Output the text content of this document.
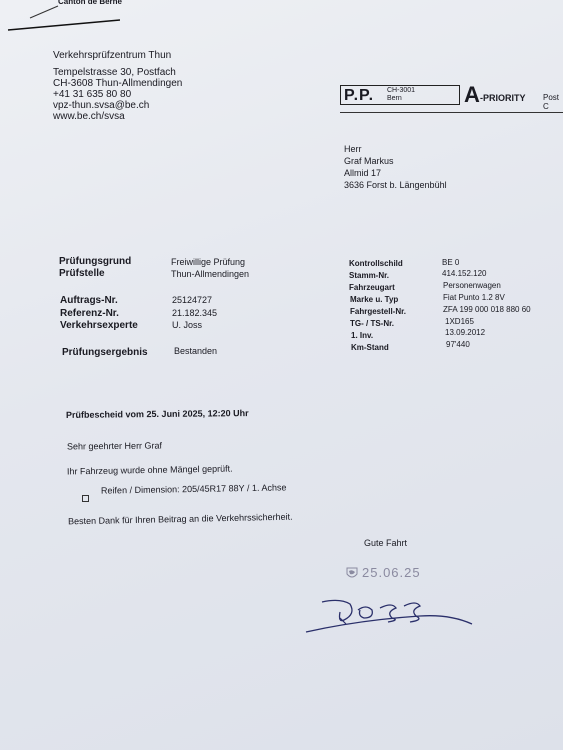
Canton de Berne
Verkehrsprüfzentrum Thun
Tempelstrasse 30, Postfach
CH-3608 Thun-Allmendingen
+41 31 635 80 80
vpz-thun.svsa@be.ch
www.be.ch/svsa
P.P. CH-3001
Bern	A -PRIORITY Post C
Herr
Graf Markus
Allmid 17
3636 Forst b. Längenbühl
Prüfungsgrund	Freiwillige Prüfung
Prüfstelle	Thun-Allmendingen
Auftrags-Nr.	25124727
Referenz-Nr.	21.182.345
Verkehrsexperte	U. Joss
Prüfungsergebnis	Bestanden
Kontrollschild	BE 0
Stamm-Nr.	414.152.120
Fahrzeugart	Personenwagen
Marke u. Typ	Fiat Punto 1.2 8V
Fahrgestell-Nr.	ZFA 199 000 018 880 60
TG- / TS-Nr.	1XD165
1. Inv.	13.09.2012
Km-Stand	97'440
Prüfbescheid vom 25. Juni 2025, 12:20 Uhr
Sehr geehrter Herr Graf
Ihr Fahrzeug wurde ohne Mängel geprüft.
Reifen / Dimension: 205/45R17 88Y / 1. Achse
Besten Dank für Ihren Beitrag an die Verkehrssicherheit.
Gute Fahrt
25.06.25
